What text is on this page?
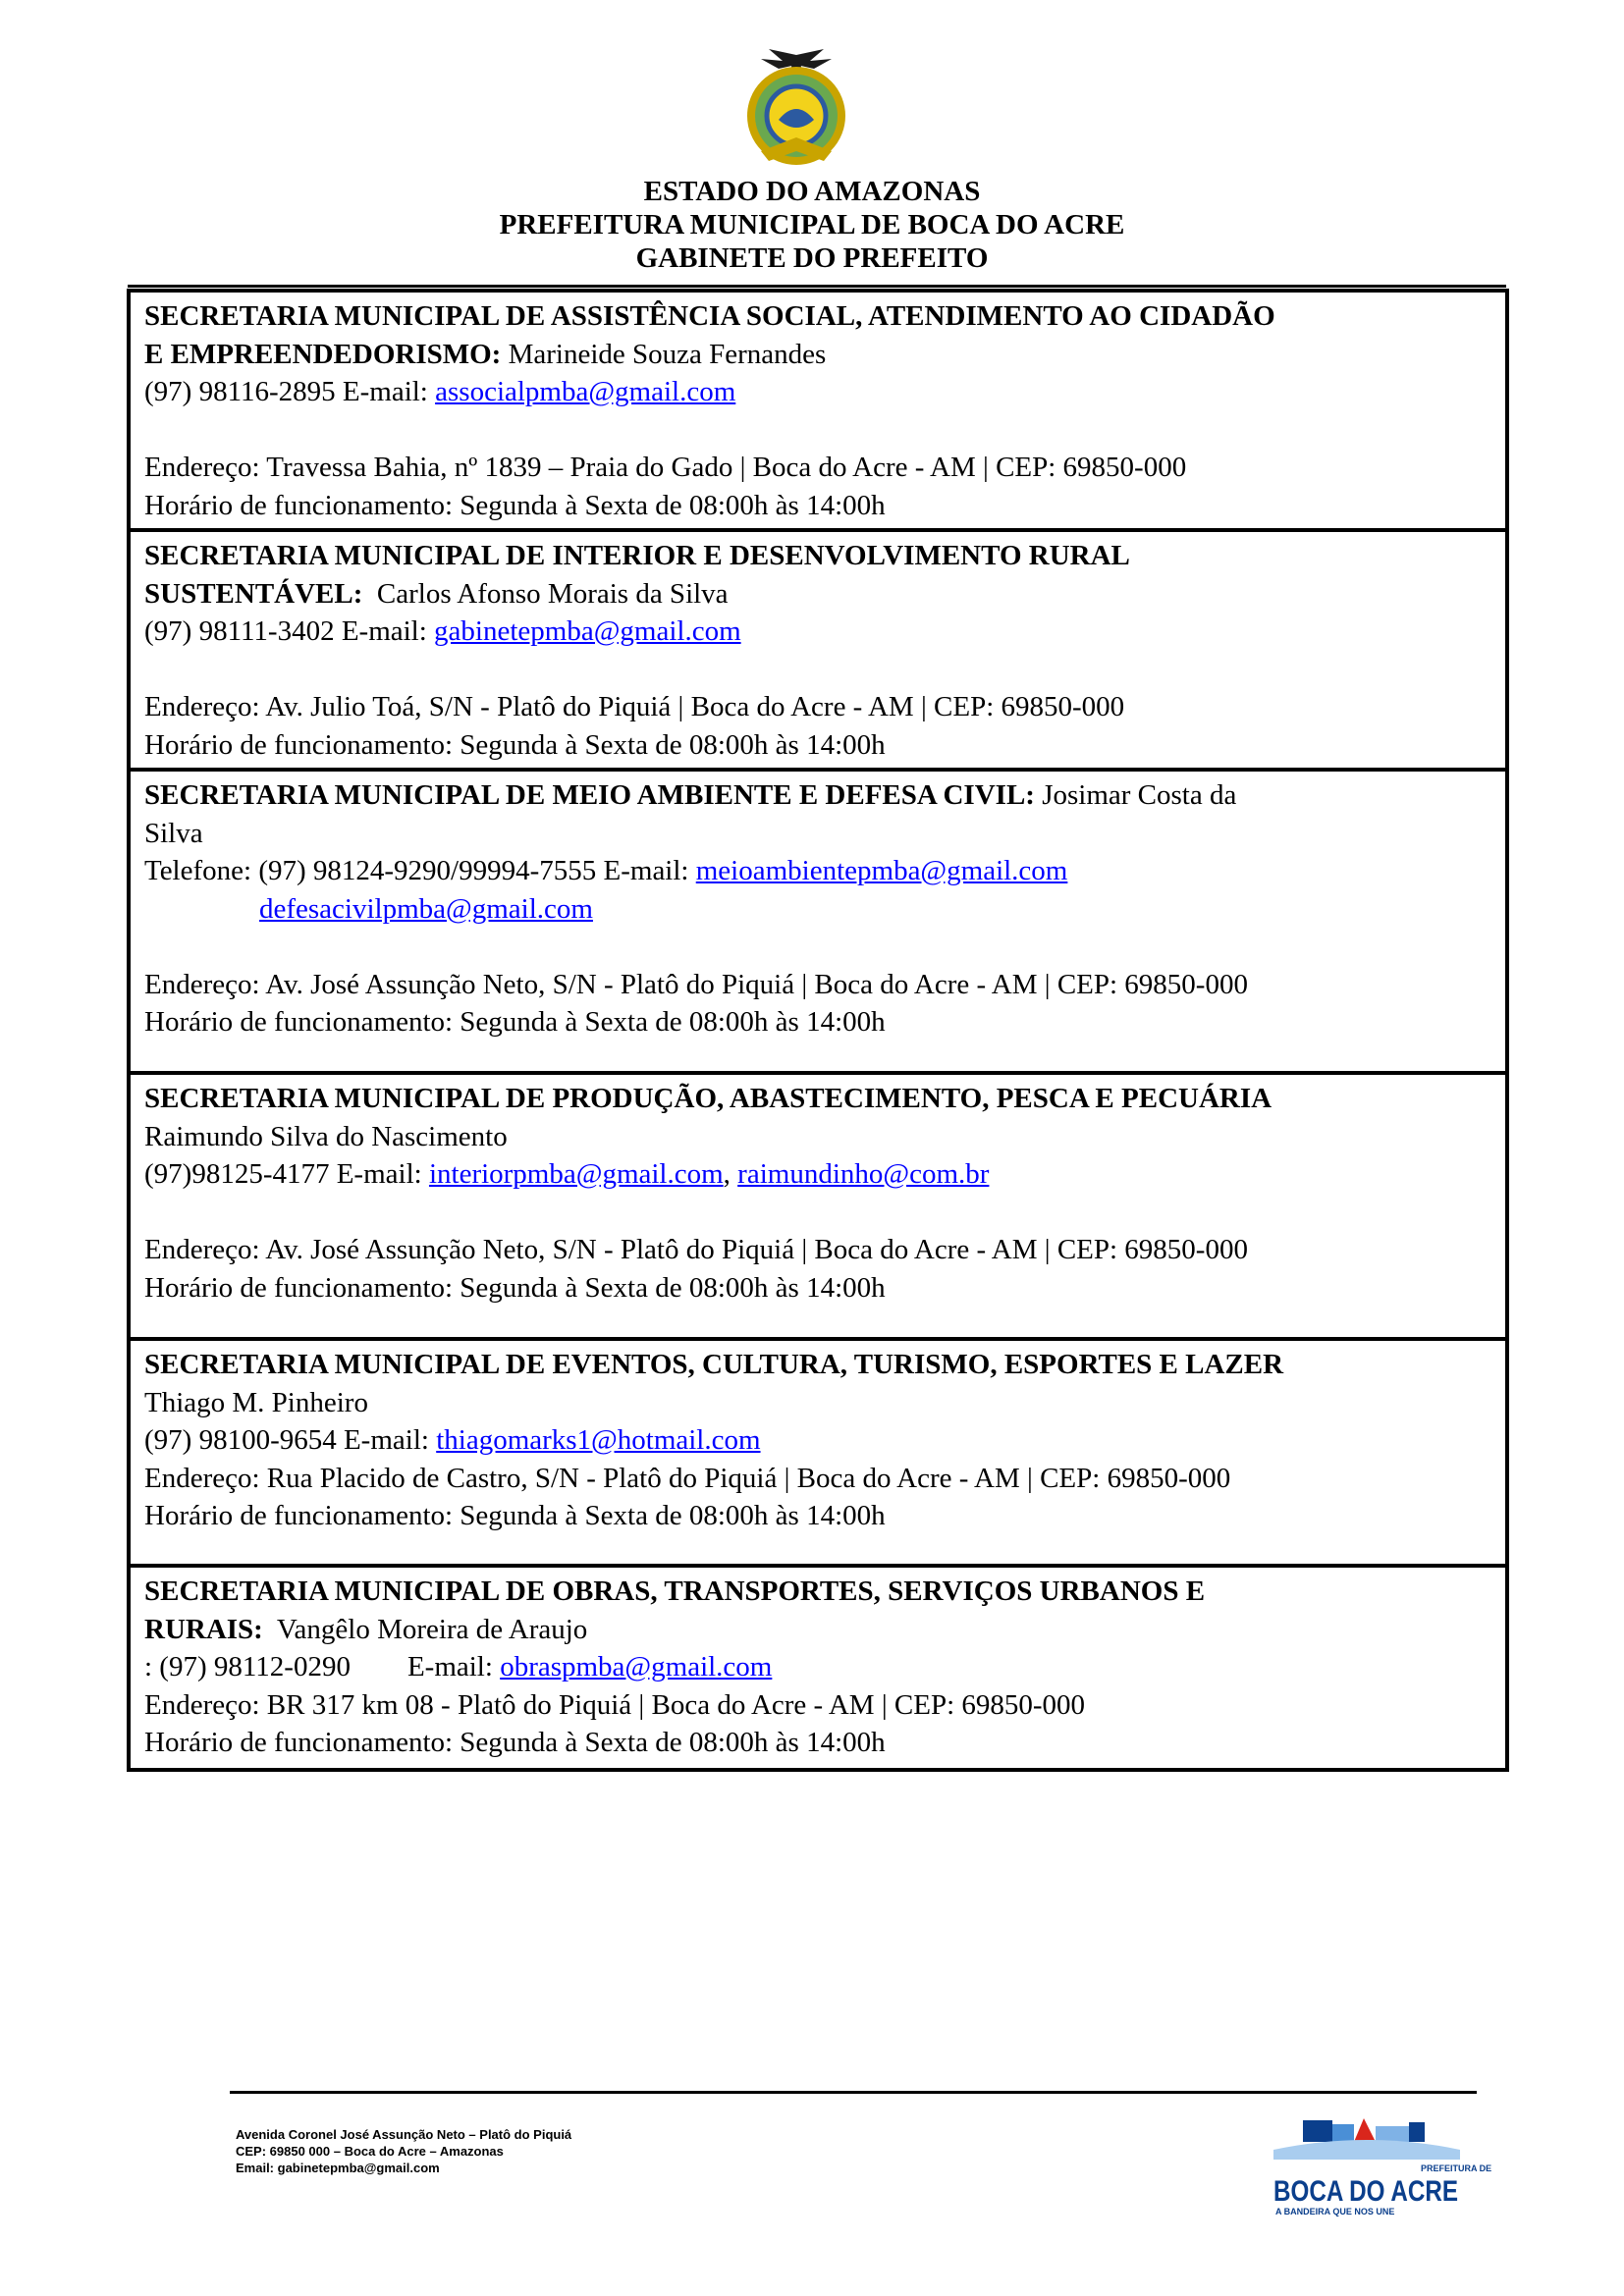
ESTADO DO AMAZONAS
PREFEITURA MUNICIPAL DE BOCA DO ACRE
GABINETE DO PREFEITO

SECRETARIA MUNICIPAL DE ASSISTÊNCIA SOCIAL, ATENDIMENTO AO CIDADÃO

E EMPREENDEDORISMO: Marineide Souza Fernandes

(97) 98116-2895 E-mail: associalpmba@gmail.com

Endereço: Travessa Bahia, nº 1839 – Praia do Gado | Boca do Acre - AM | CEP: 69850-000

Horário de funcionamento: Segunda à Sexta de 08:00h às 14:00h

SECRETARIA MUNICIPAL DE INTERIOR E DESENVOLVIMENTO RURAL

SUSTENTÁVEL: Carlos Afonso Morais da Silva

(97) 98111-3402 E-mail: gabinetepmba@gmail.com

Endereço: Av. Julio Toá, S/N - Platô do Piquiá | Boca do Acre - AM | CEP: 69850-000

Horário de funcionamento: Segunda à Sexta de 08:00h às 14:00h

SECRETARIA MUNICIPAL DE MEIO AMBIENTE E DEFESA CIVIL: Josimar Costa da

Silva

Telefone: (97) 98124-9290/99994-7555 E-mail: meioambientepmba@gmail.com

defesacivilpmba@gmail.com

Endereço: Av. José Assunção Neto, S/N - Platô do Piquiá | Boca do Acre - AM | CEP: 69850-000

Horário de funcionamento: Segunda à Sexta de 08:00h às 14:00h

SECRETARIA MUNICIPAL DE PRODUÇÃO, ABASTECIMENTO, PESCA E PECUÁRIA

Raimundo Silva do Nascimento

(97)98125-4177 E-mail: interiorpmba@gmail.com, raimundinho@com.br

Endereço: Av. José Assunção Neto, S/N - Platô do Piquiá | Boca do Acre - AM | CEP: 69850-000

Horário de funcionamento: Segunda à Sexta de 08:00h às 14:00h

SECRETARIA MUNICIPAL DE EVENTOS, CULTURA, TURISMO, ESPORTES E LAZER

Thiago M. Pinheiro

(97) 98100-9654 E-mail: thiagomarks1@hotmail.com

Endereço: Rua Placido de Castro, S/N - Platô do Piquiá | Boca do Acre - AM | CEP: 69850-000

Horário de funcionamento: Segunda à Sexta de 08:00h às 14:00h

SECRETARIA MUNICIPAL DE OBRAS, TRANSPORTES, SERVIÇOS URBANOS E

RURAIS: Vangêlo Moreira de Araujo

: (97) 98112-0290        E-mail: obraspmba@gmail.com

Endereço: BR 317 km 08 - Platô do Piquiá | Boca do Acre - AM | CEP: 69850-000

Horário de funcionamento: Segunda à Sexta de 08:00h às 14:00h

Avenida Coronel José Assunção Neto – Platô do Piquiá
CEP: 69850 000 – Boca do Acre – Amazonas
Email: gabinetepmba@gmail.com	PREFEITURA DE
BOCA DO ACRE
A BANDEIRA QUE NOS UNE
